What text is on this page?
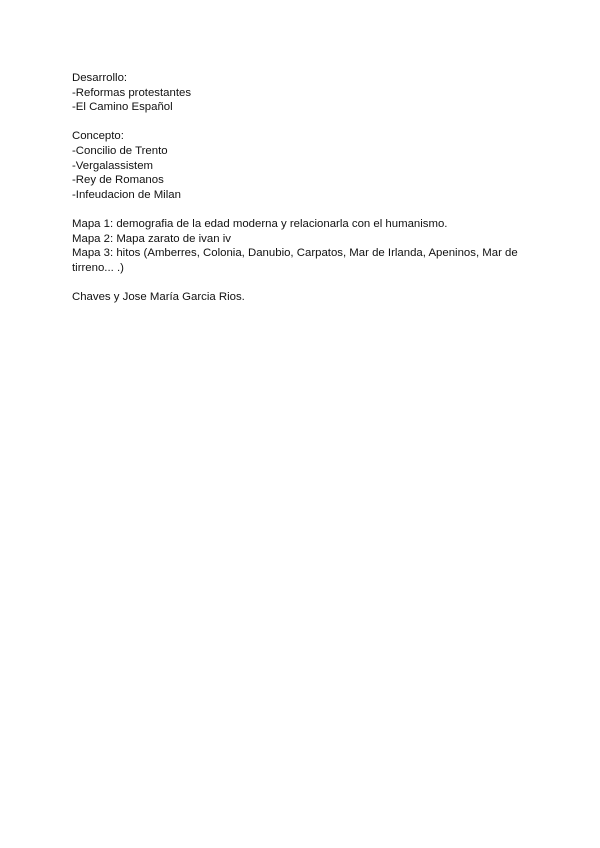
Desarrollo:
-Reformas protestantes
-El Camino Español
Concepto:
-Concilio de Trento
-Vergalassistem
-Rey de Romanos
-Infeudacion de Milan
Mapa 1: demografia de la edad moderna y relacionarla con el humanismo.
Mapa 2: Mapa zarato de ivan iv
Mapa 3: hitos (Amberres, Colonia, Danubio, Carpatos, Mar de Irlanda, Apeninos, Mar de tirreno... .)
Chaves y Jose María Garcia Rios.
